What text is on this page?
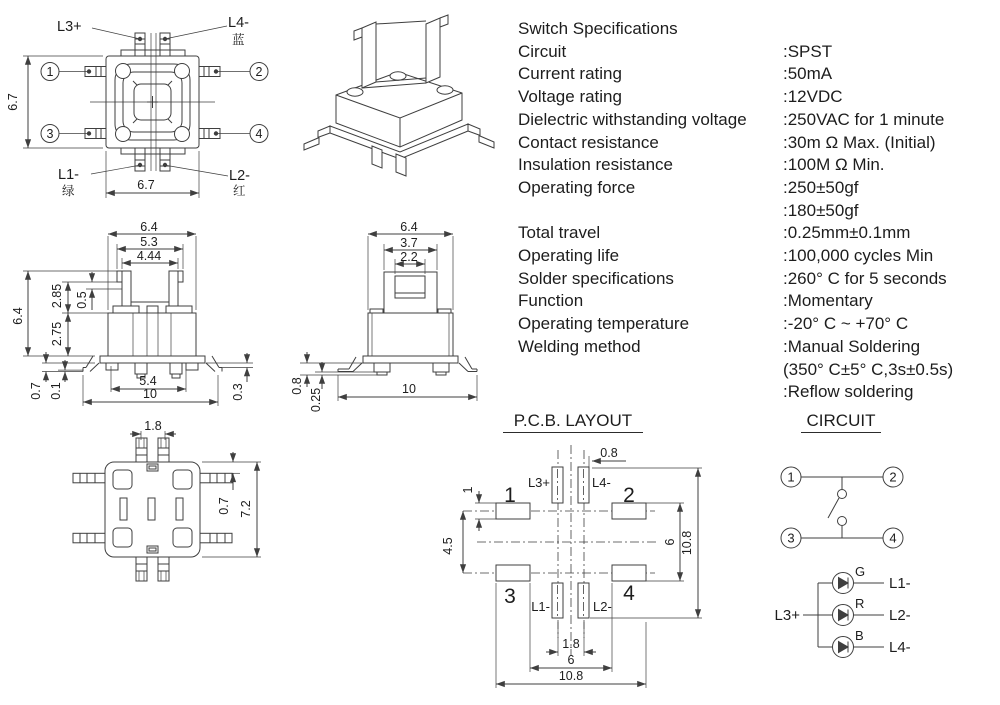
1	2
3	4
L3+	L4-
蓝
L1-
绿
L2-
红
6.7
6.7
Switch Specifications
Circuit	:SPST
Current rating	:50mA
Voltage rating	:12VDC
Dielectric withstanding voltage	:250VAC for 1 minute
Contact resistance	:30m Ω Max. (Initial)
Insulation resistance	:100M Ω Min.
Operating force	:250±50gf
:180±50gf
Total travel	:0.25mm±0.1mm
Operating life	:100,000 cycles Min
Solder specifications	:260° C for 5 seconds
Function	:Momentary
Operating temperature	:-20° C ~ +70° C
Welding method	:Manual Soldering
(350° C±5° C,3s±0.5s)
:Reflow soldering
6.4
5.3
4.44
6.4
2.85
2.75
0.5
0.7 0.1
5.4
10	0.3
6.4
3.7
2.2
0.8
0.25	10
1.8
0.7 7.2
P.C.B. LAYOUT
1	2
3	4
L3+	L4-
L1-	L2-
0.8
1
4.5	6 10.8
1.8
6
10.8
CIRCUIT
1	2
3	4
G
R
B
L3+
L1-
L2-
L4-
